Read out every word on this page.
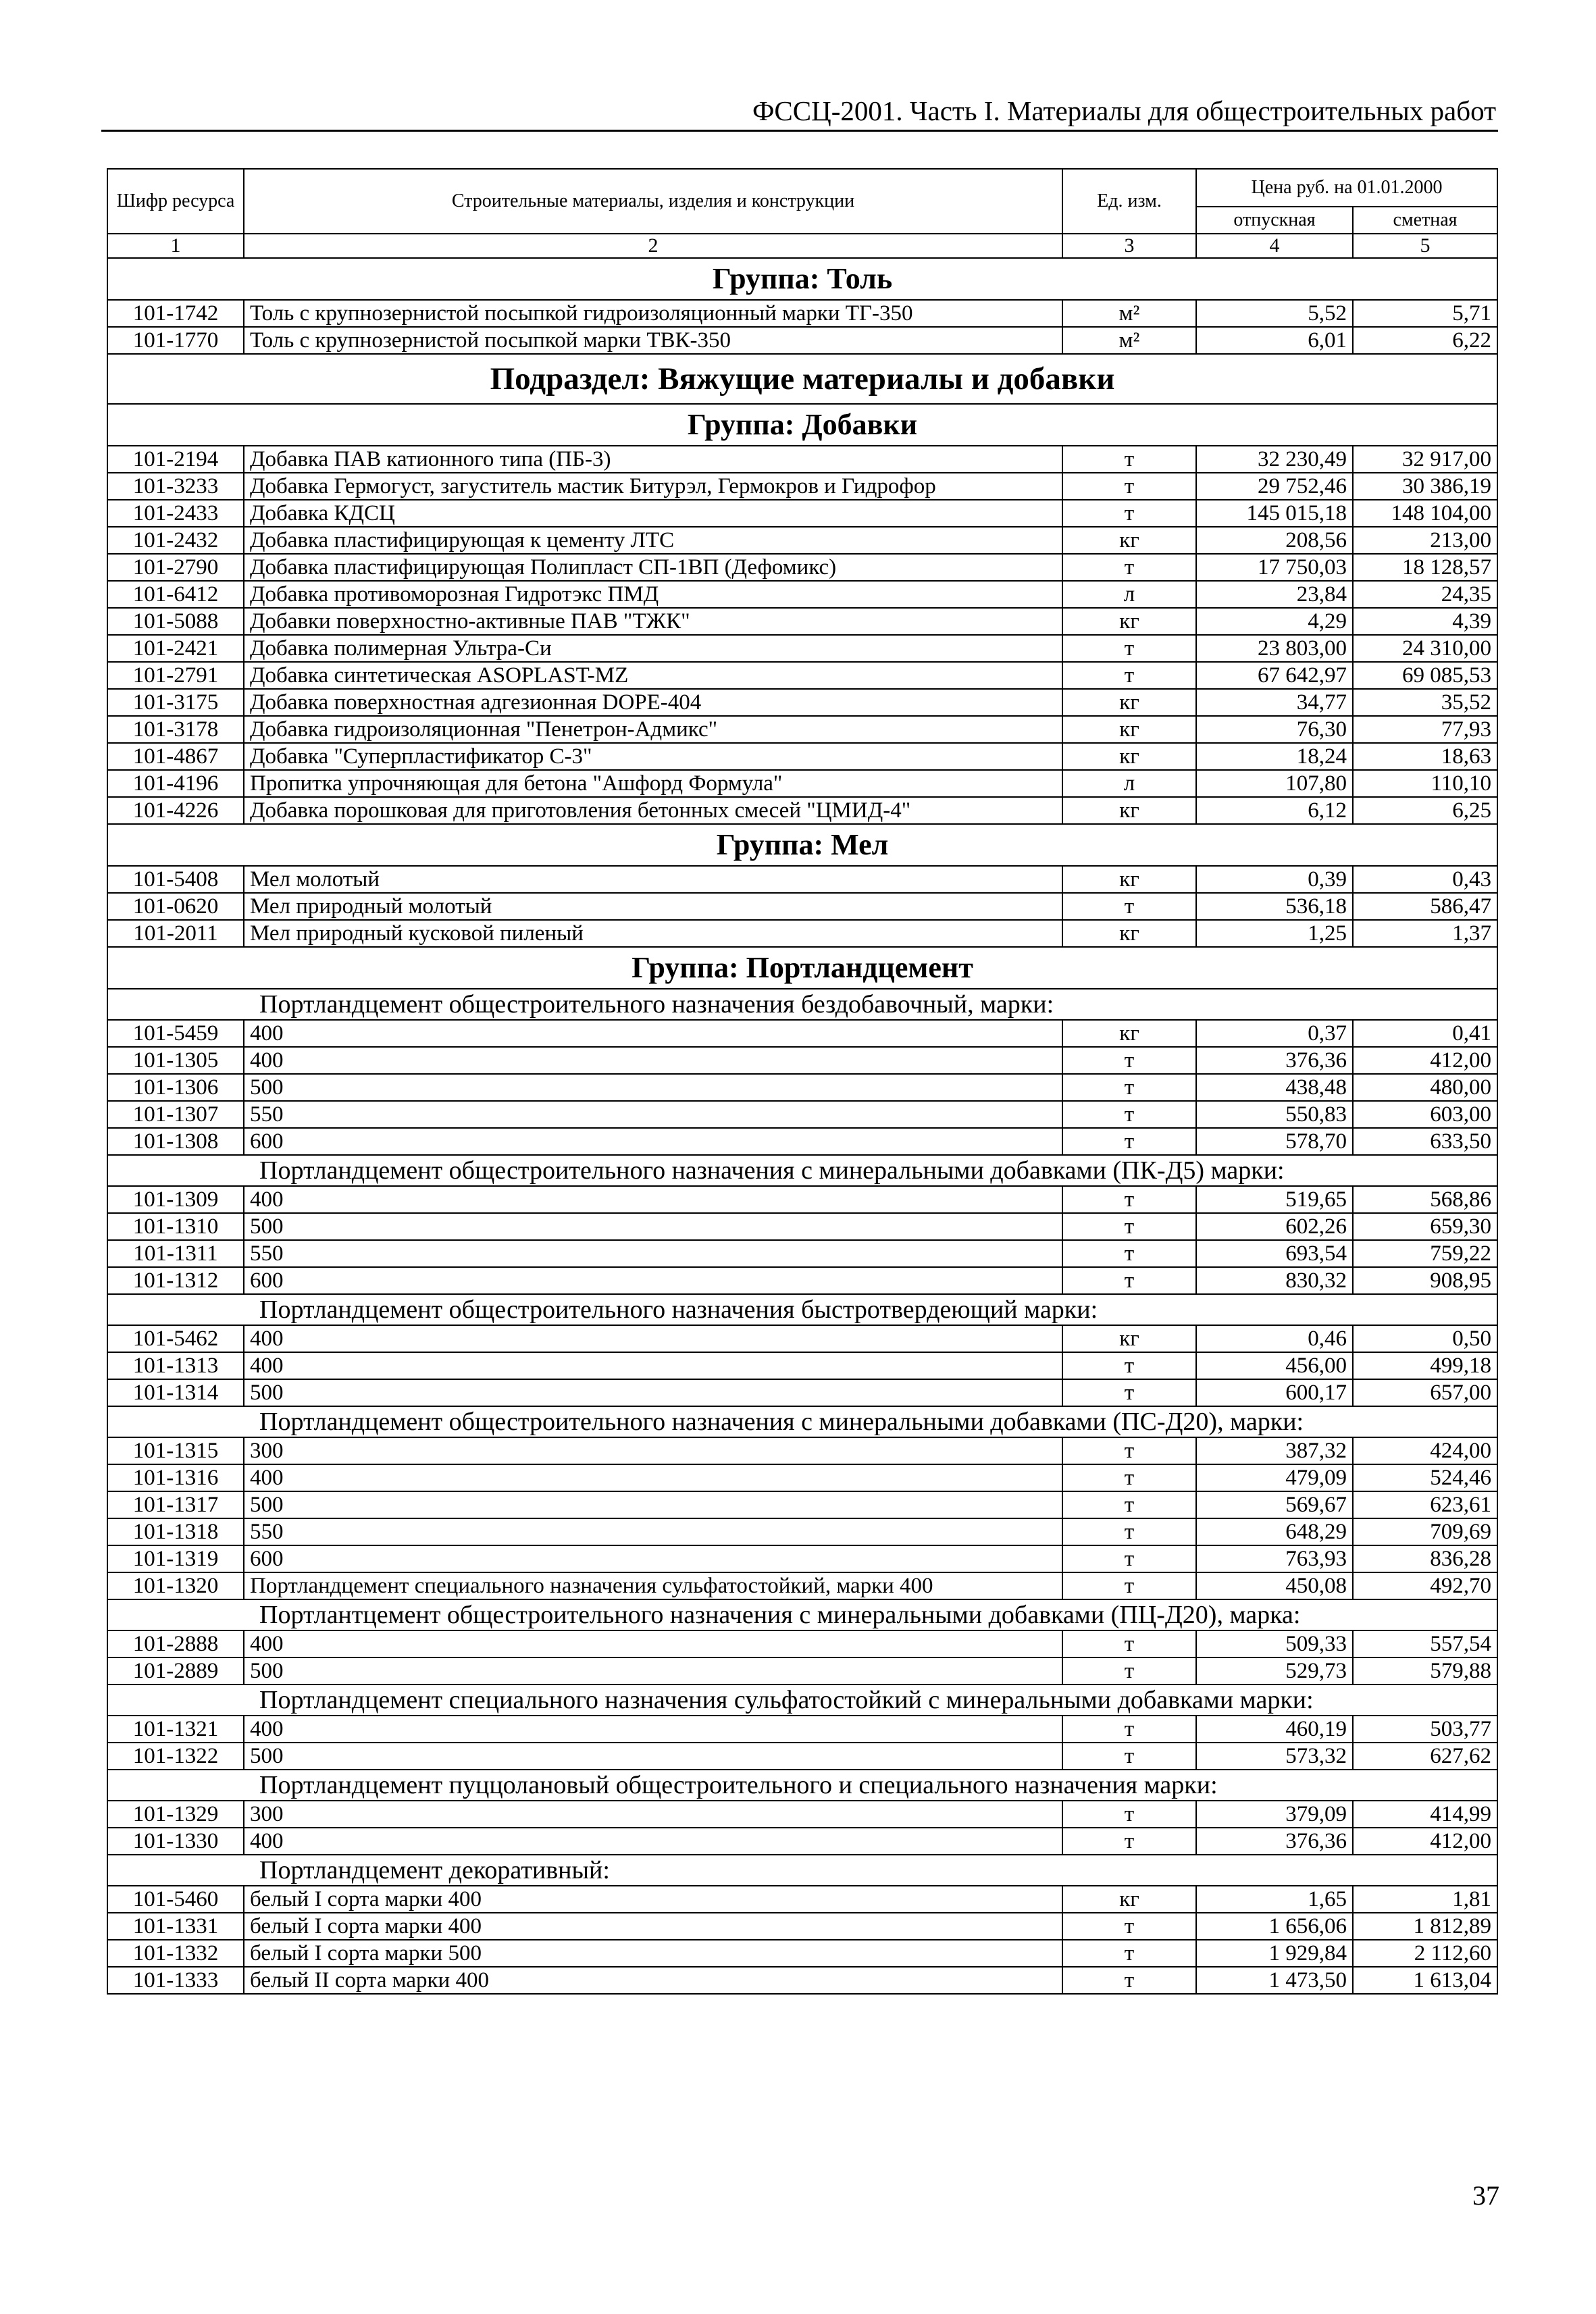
ФССЦ-2001. Часть I. Материалы для общестроительных работ
Шифр ресурса	Строительные материалы, изделия и конструкции	Ед. изм.	Цена руб. на 01.01.2000	
			отпускная	сметная
1	2	3	4	5
Группа: Толь				
101-1742	Толь с крупнозернистой посыпкой гидроизоляционный марки ТГ-350	м²	5,52	5,71
101-1770	Толь с крупнозернистой посыпкой марки ТВК-350	м²	6,01	6,22
Подраздел: Вяжущие материалы и добавки				
Группа: Добавки				
101-2194	Добавка ПАВ катионного типа (ПБ-3)	т	32 230,49	32 917,00
101-3233	Добавка Гермогуст, загуститель мастик Битурэл, Гермокров и Гидрофор	т	29 752,46	30 386,19
101-2433	Добавка КДСЦ	т	145 015,18	148 104,00
101-2432	Добавка пластифицирующая к цементу ЛТС	кг	208,56	213,00
101-2790	Добавка пластифицирующая Полипласт СП-1ВП (Дефомикс)	т	17 750,03	18 128,57
101-6412	Добавка противоморозная Гидротэкс ПМД	л	23,84	24,35
101-5088	Добавки поверхностно-активные ПАВ "ТЖК"	кг	4,29	4,39
101-2421	Добавка полимерная Ультра-Си	т	23 803,00	24 310,00
101-2791	Добавка синтетическая ASOPLAST-MZ	т	67 642,97	69 085,53
101-3175	Добавка поверхностная адгезионная DOPE-404	кг	34,77	35,52
101-3178	Добавка гидроизоляционная "Пенетрон-Адмикс"	кг	76,30	77,93
101-4867	Добавка "Суперпластификатор С-3"	кг	18,24	18,63
101-4196	Пропитка упрочняющая для бетона "Ашфорд Формула"	л	107,80	110,10
101-4226	Добавка порошковая для приготовления бетонных смесей "ЦМИД-4"	кг	6,12	6,25
Группа: Мел				
101-5408	Мел молотый	кг	0,39	0,43
101-0620	Мел природный молотый	т	536,18	586,47
101-2011	Мел природный кусковой пиленый	кг	1,25	1,37
Группа: Портландцемент				
Портландцемент общестроительного назначения бездобавочный, марки:				
101-5459	400	кг	0,37	0,41
101-1305	400	т	376,36	412,00
101-1306	500	т	438,48	480,00
101-1307	550	т	550,83	603,00
101-1308	600	т	578,70	633,50
Портландцемент общестроительного назначения с минеральными добавками (ПК-Д5) марки:				
101-1309	400	т	519,65	568,86
101-1310	500	т	602,26	659,30
101-1311	550	т	693,54	759,22
101-1312	600	т	830,32	908,95
Портландцемент общестроительного назначения быстротвердеющий марки:				
101-5462	400	кг	0,46	0,50
101-1313	400	т	456,00	499,18
101-1314	500	т	600,17	657,00
Портландцемент общестроительного назначения с минеральными добавками (ПС-Д20), марки:				
101-1315	300	т	387,32	424,00
101-1316	400	т	479,09	524,46
101-1317	500	т	569,67	623,61
101-1318	550	т	648,29	709,69
101-1319	600	т	763,93	836,28
101-1320	Портландцемент специального назначения сульфатостойкий, марки 400	т	450,08	492,70
Портлантцемент общестроительного назначения с минеральными добавками (ПЦ-Д20), марка:				
101-2888	400	т	509,33	557,54
101-2889	500	т	529,73	579,88
Портландцемент специального назначения сульфатостойкий с минеральными добавками марки:				
101-1321	400	т	460,19	503,77
101-1322	500	т	573,32	627,62
Портландцемент пуццолановый общестроительного и специального назначения марки:				
101-1329	300	т	379,09	414,99
101-1330	400	т	376,36	412,00
Портландцемент декоративный:				
101-5460	белый I сорта марки 400	кг	1,65	1,81
101-1331	белый I сорта марки 400	т	1 656,06	1 812,89
101-1332	белый I сорта марки 500	т	1 929,84	2 112,60
101-1333	белый II сорта марки 400	т	1 473,50	1 613,04
37
